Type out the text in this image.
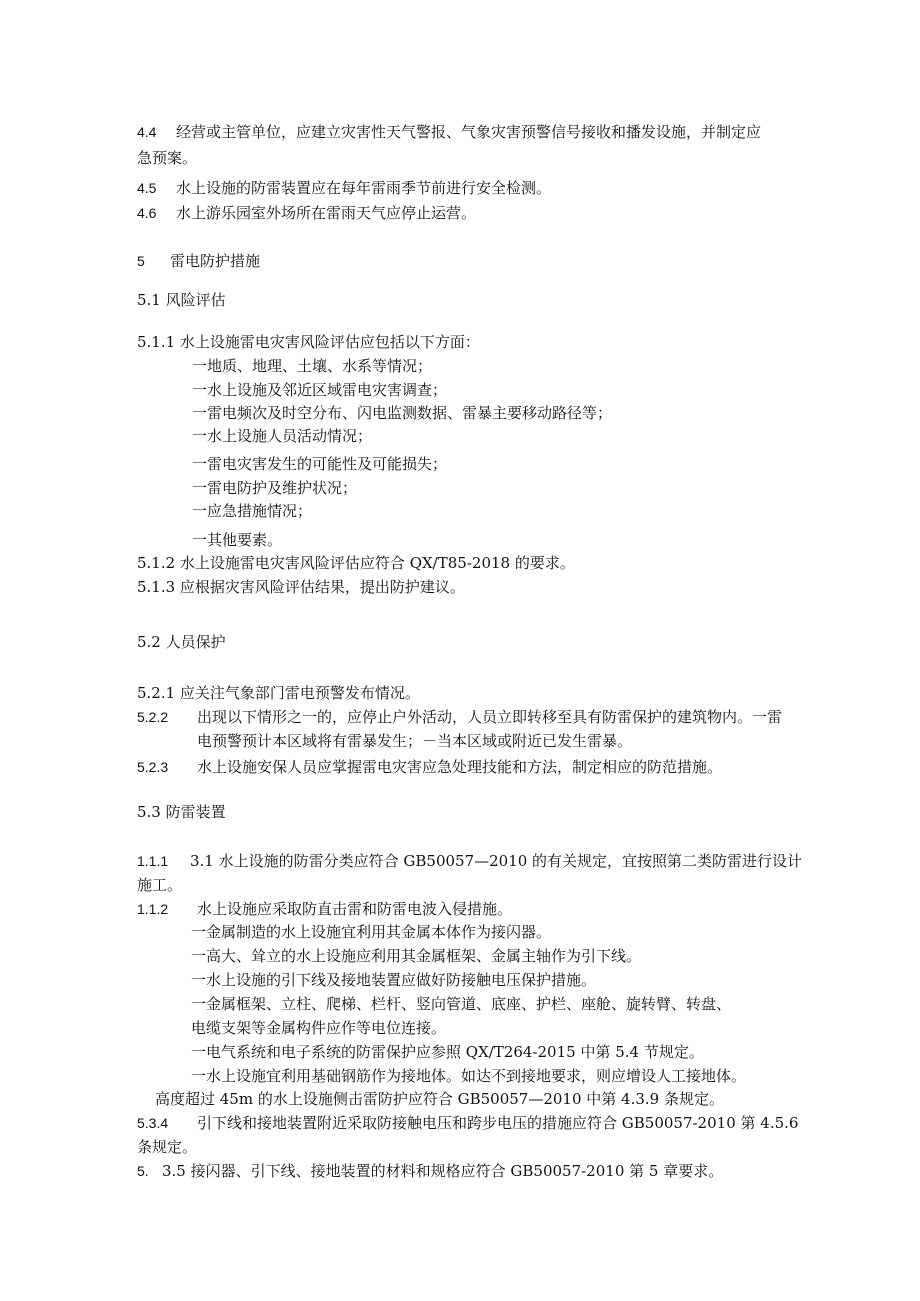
4.4 经营或主管单位，应建立灾害性天气警报、气象灾害预警信号接收和播发设施，并制定应
急预案。
4.5 水上设施的防雷装置应在每年雷雨季节前进行安全检测。
4.6 水上游乐园室外场所在雷雨天气应停止运营。
5 雷电防护措施
5.1 风险评估
5.1.1 水上设施雷电灾害风险评估应包括以下方面：
一地质、地理、土壤、水系等情况；
一水上设施及邻近区域雷电灾害调查；
一雷电频次及时空分布、闪电监测数据、雷暴主要移动路径等；
一水上设施人员活动情况；
一雷电灾害发生的可能性及可能损失；
一雷电防护及维护状况；
一应急措施情况；
一其他要素。
5.1.2 水上设施雷电灾害风险评估应符合 QX/T85-2018 的要求。
5.1.3 应根据灾害风险评估结果，提出防护建议。
5.2 人员保护
5.2.1 应关注气象部门雷电预警发布情况。
5.2.2 出现以下情形之一的，应停止户外活动，人员立即转移至具有防雷保护的建筑物内。一雷
电预警预计本区域将有雷暴发生；－当本区域或附近已发生雷暴。
5.2.3 水上设施安保人员应掌握雷电灾害应急处理技能和方法，制定相应的防范措施。
5.3 防雷装置
1.1.1 3.1 水上设施的防雷分类应符合 GB50057—2010 的有关规定，宜按照第二类防雷进行设计
施工。
1.1.2 水上设施应采取防直击雷和防雷电波入侵措施。
一金属制造的水上设施宜利用其金属本体作为接闪器。
一高大、耸立的水上设施应利用其金属框架、金属主轴作为引下线。
一水上设施的引下线及接地装置应做好防接触电压保护措施。
一金属框架、立柱、爬梯、栏杆、竖向管道、底座、护栏、座舱、旋转臂、转盘、
电缆支架等金属构件应作等电位连接。
一电气系统和电子系统的防雷保护应参照 QX/T264-2015 中第 5.4 节规定。
一水上设施宜利用基础钢筋作为接地体。如达不到接地要求，则应增设人工接地体。
高度超过 45m 的水上设施侧击雷防护应符合 GB50057—2010 中第 4.3.9 条规定。
5.3.4 引下线和接地装置附近采取防接触电压和跨步电压的措施应符合 GB50057-2010 第 4.5.6
条规定。
5. 3.5 接闪器、引下线、接地装置的材料和规格应符合 GB50057-2010 第 5 章要求。
